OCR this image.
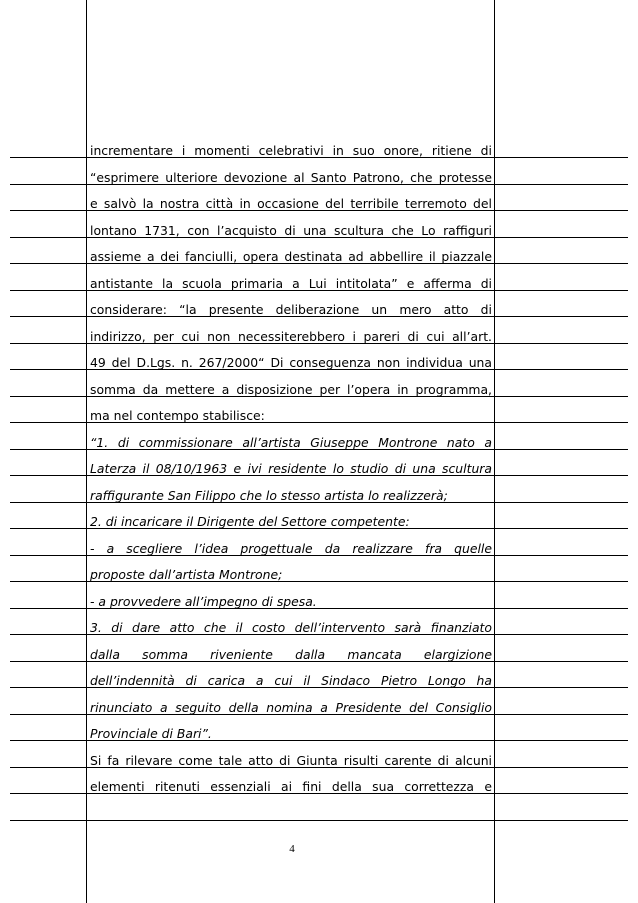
incrementare i momenti celebrativi in suo onore, ritiene di
“esprimere ulteriore devozione al Santo Patrono, che protesse
e salvò la nostra città in occasione del terribile terremoto del
lontano 1731, con l’acquisto di una scultura che Lo raffiguri
assieme a dei fanciulli, opera destinata ad abbellire il piazzale
antistante la scuola primaria a Lui intitolata” e afferma di
considerare: “la presente deliberazione un mero atto di
indirizzo, per cui non necessiterebbero i pareri di cui all’art.
49 del D.Lgs. n. 267/2000“ Di conseguenza non individua una
somma da mettere a disposizione per l’opera in programma,
ma nel contempo stabilisce:
“1. di commissionare all’artista Giuseppe Montrone nato a
Laterza il 08/10/1963 e ivi residente lo studio di una scultura
raffigurante San Filippo che lo stesso artista lo realizzerà;
2. di incaricare il Dirigente del Settore competente:
- a scegliere l’idea progettuale da realizzare fra quelle
proposte dall’artista Montrone;
- a provvedere all’impegno di spesa.
3. di dare atto che il costo dell’intervento sarà finanziato
dalla somma riveniente dalla mancata elargizione
dell’indennità di carica a cui il Sindaco Pietro Longo ha
rinunciato a seguito della nomina a Presidente del Consiglio
Provinciale di Bari”.
Si fa rilevare come tale atto di Giunta risulti carente di alcuni
elementi ritenuti essenziali ai fini della sua correttezza e
4
